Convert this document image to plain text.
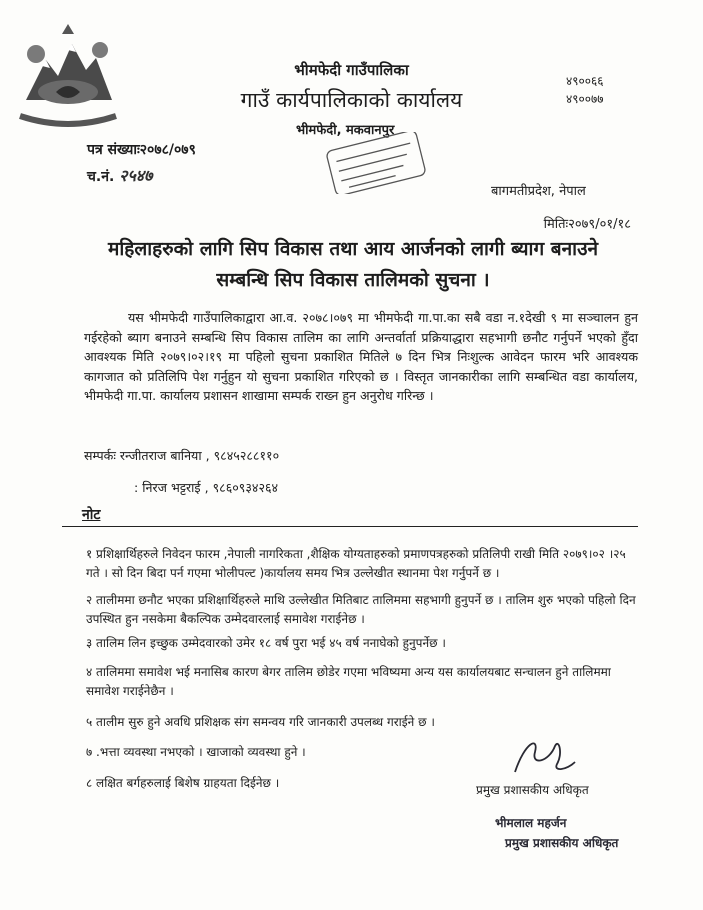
भीमफेदी गाउँपालिका
गाउँ कार्यपालिकाको कार्यालय
भीमफेदी, मकवानपुर
४९००६६
४९००७७
पत्र संख्याः२०७८/०७९
च.नं. २५४७
बागमतीप्रदेश, नेपाल
मितिः२०७९/०१/१८
महिलाहरुको लागि सिप विकास तथा आय आर्जनको लागी ब्याग बनाउने
सम्बन्धि सिप विकास तालिमको सुचना ।
यस भीमफेदी गाउँपालिकाद्वारा आ.व. २०७८।०७९ मा भीमफेदी गा.पा.का सबै वडा न.१देखी ९ मा सञ्चालन हुन गईरहेको ब्याग बनाउने सम्बन्धि सिप विकास तालिम का लागि अन्तर्वार्ता प्रक्रियाद्धारा सहभागी छनौट गर्नुपर्ने भएको हुँदा आवश्यक मिति २०७९।०२।१९ मा पहिलो सुचना प्रकाशित मितिले ७ दिन भित्र निःशुल्क आवेदन फारम भरि आवश्यक कागजात को प्रतिलिपि पेश गर्नुहुन यो सुचना प्रकाशित गरिएको छ । विस्तृत जानकारीका लागि सम्बन्धित वडा कार्यालय, भीमफेदी गा.पा. कार्यालय प्रशासन शाखामा सम्पर्क राख्न हुन अनुरोध गरिन्छ ।
सम्पर्कः रन्जीतराज बानिया , ९८४५२८८११०
: निरज भट्टराई , ९८६०९३४२६४
नोट
१ प्रशिक्षार्थिहरुले निवेदन फारम ,नेपाली नागरिकता ,शैक्षिक योग्यताहरुको प्रमाणपत्रहरुको प्रतिलिपी राखी मिति २०७९।०२ ।२५ गते । सो दिन बिदा पर्न गएमा भोलीपल्ट )कार्यालय समय भित्र उल्लेखीत स्थानमा पेश गर्नुपर्ने छ ।
२ तालीममा छनौट भएका प्रशिक्षार्थिहरुले माथि उल्लेखीत मितिबाट तालिममा सहभागी हुनुपर्ने छ । तालिम शुरु भएको पहिलो दिन उपस्थित हुन नसकेमा बैकल्पिक उम्मेदवारलाई समावेश गराईनेछ ।
३ तालिम लिन इच्छुक उम्मेदवारको उमेर १८ वर्ष पुरा भई ४५ वर्ष ननाघेको हुनुपर्नेछ ।
४ तालिममा समावेश भई मनासिब कारण बेगर तालिम छोडेर गएमा भविष्यमा अन्य यस कार्यालयबाट सन्चालन हुने तालिममा समावेश गराईनेछैन ।
५ तालीम सुरु हुने अवधि प्रशिक्षक संग समन्वय गरि जानकारी उपलब्ध गराईने छ ।
७ .भत्ता व्यवस्था नभएको । खाजाको व्यवस्था हुने ।
८ लक्षित बर्गहरुलाई बिशेष ग्राहयता दिईनेछ ।	प्रमुख प्रशासकीय अधिकृत
भीमलाल महर्जन
प्रमुख प्रशासकीय अधिकृत
